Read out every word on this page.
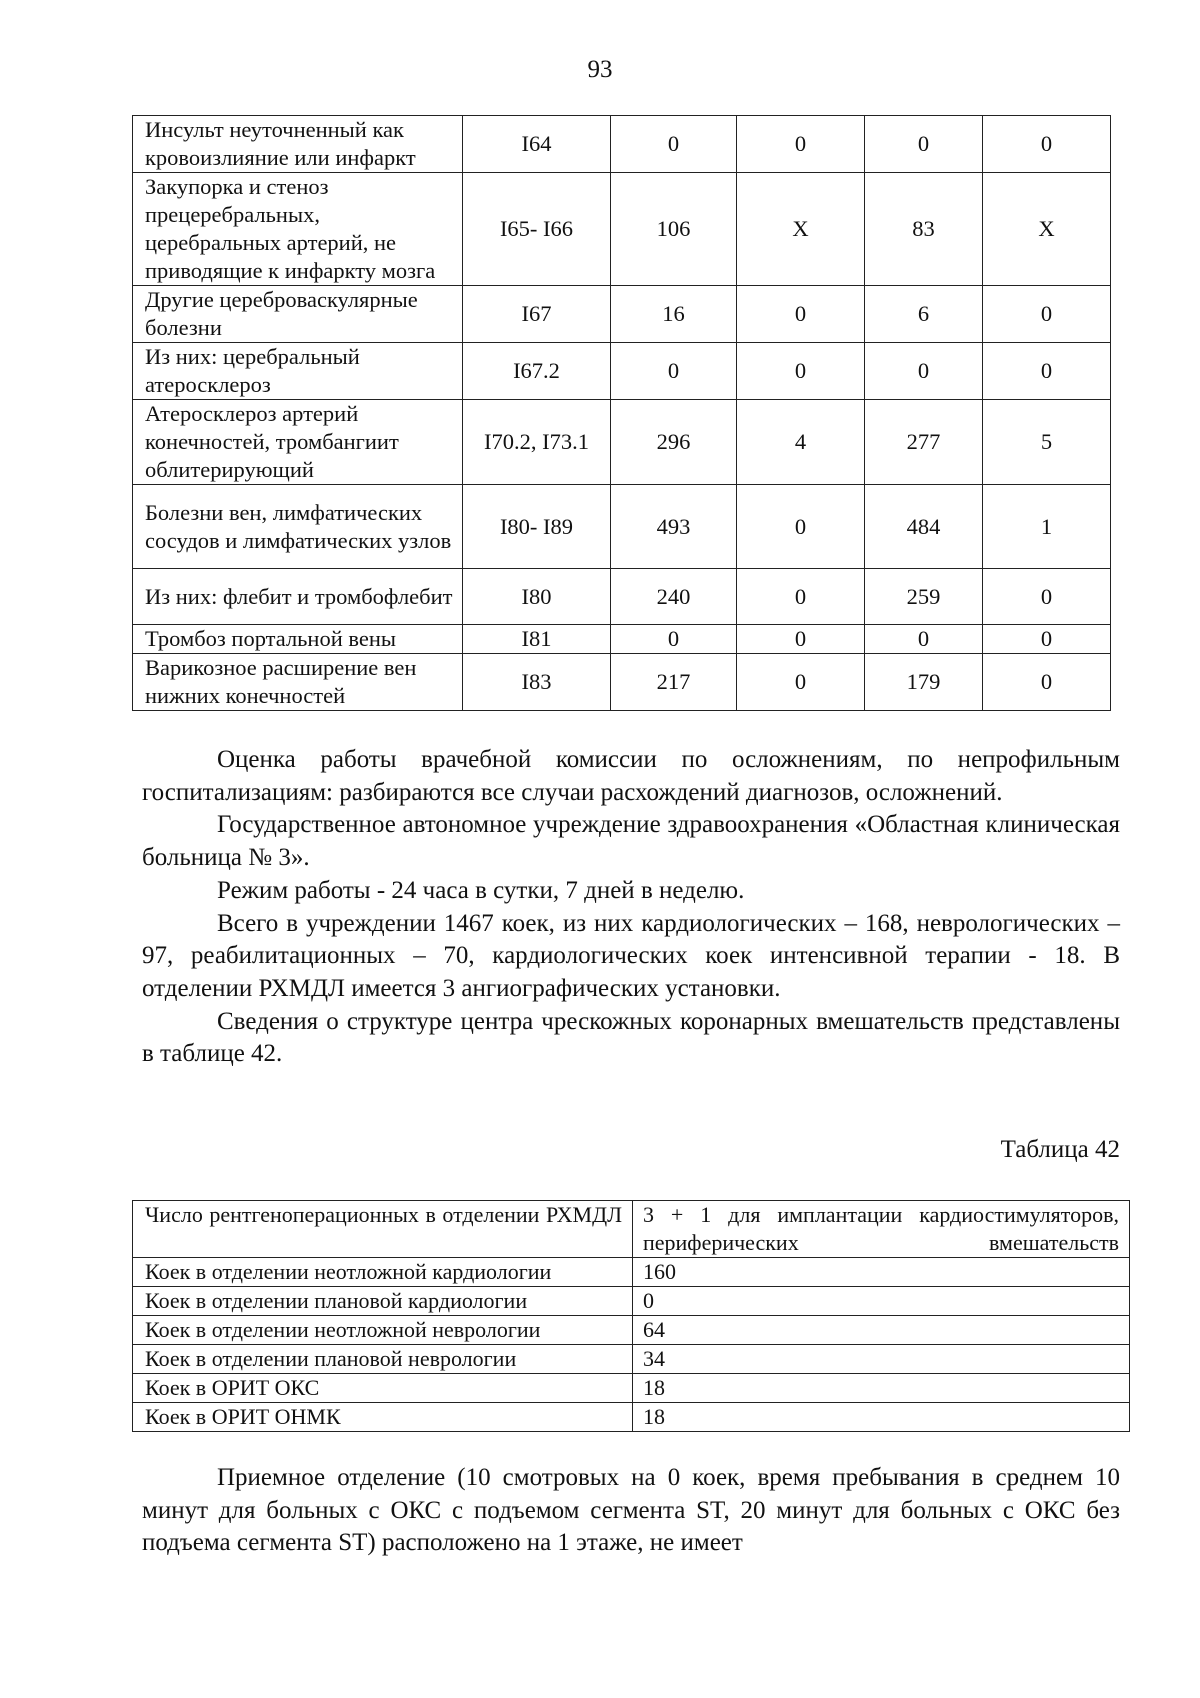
93
Инсульт неуточненный как кровоизлияние или инфаркт	I64	0	0	0	0
Закупорка и стеноз прецеребральных, церебральных артерий, не приводящие к инфаркту мозга	I65- I66	106	Х	83	Х
Другие цереброваскулярные болезни	I67	16	0	6	0
Из них: церебральный атеросклероз	I67.2	0	0	0	0
Атеросклероз артерий конечностей, тромбангиит облитерирующий	I70.2, I73.1	296	4	277	5
Болезни вен, лимфатических сосудов и лимфатических узлов	I80- I89	493	0	484	1
Из них: флебит и тромбофлебит	I80	240	0	259	0
Тромбоз портальной вены	I81	0	0	0	0
Варикозное расширение вен нижних конечностей	I83	217	0	179	0

Оценка работы врачебной комиссии по осложнениям, по непрофильным госпитализациям: разбираются все случаи расхождений диагнозов, осложнений.

Государственное автономное учреждение здравоохранения «Областная клиническая больница № 3».

Режим работы - 24 часа в сутки, 7 дней в неделю.

Всего в учреждении 1467 коек, из них кардиологических – 168, неврологических – 97, реабилитационных – 70, кардиологических коек интенсивной терапии - 18. В отделении РХМДЛ имеется 3 ангиографических установки.

Сведения о структуре центра чрескожных коронарных вмешательств представлены в таблице 42.

Таблица 42
Число рентгеноперационных в отделении РХМДЛ	3 + 1 для имплантации кардиостимуляторов, периферических вмешательств
Коек в отделении неотложной кардиологии	160
Коек в отделении плановой кардиологии	0
Коек в отделении неотложной неврологии	64
Коек в отделении плановой неврологии	34
Коек в ОРИТ ОКС	18
Коек в ОРИТ ОНМК	18

Приемное отделение (10 смотровых на 0 коек, время пребывания в среднем 10 минут для больных с ОКС с подъемом сегмента ST, 20 минут для больных с ОКС без подъема сегмента ST) расположено на 1 этаже, не имеет
